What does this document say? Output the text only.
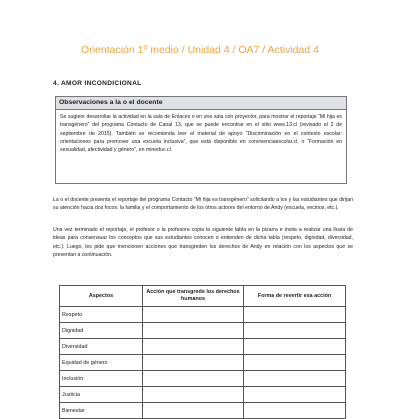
Orientación 1º medio / Unidad 4 / OA7 / Actividad 4
4. AMOR INCONDICIONAL
Observaciones a la o el docente
Se sugiere desarrollar la actividad en la sala de Enlaces o en una sala con proyector, para mostrar el reportaje “Mi hija es transgénero” del programa Contacto de Canal 13, que se puede encontrar en el sitio www.13.cl (revisado el 2 de septiembre de 2015). También se recomienda leer el material de apoyo “Discriminación en el contexto escolar: orientaciones para promover una escuela inclusiva”, que está disponible en convivenciaescolar.cl, o “Formación en sexualidad, afectividad y género”, en mineduc.cl.
La o el docente presenta el reportaje del programa Contacto “Mi hija es transgénero” solicitando a los y las estudiantes que dirijan su atención hacia dos focos: la familia y el comportamiento de los otros actores del entorno de Andy (escuela, vecinos, etc.).
Una vez terminado el reportaje, el profesor o la profesora copia la siguiente tabla en la pizarra e invita a realizar una lluvia de ideas para consensuar los conceptos que sus estudiantes conocen o entienden de dicha tabla (respeto, dignidad, diversidad, etc.). Luego, les pide que mencionen acciones que transgreden los derechos de Andy en relación con los aspectos que se presentan a continuación.
Aspectos	Acción que transgrede los derechos humanos	Forma de revertir esa acción
Respeto		
Dignidad		
Diversidad		
Equidad de género		
Inclusión		
Justicia		
Bienestar		
